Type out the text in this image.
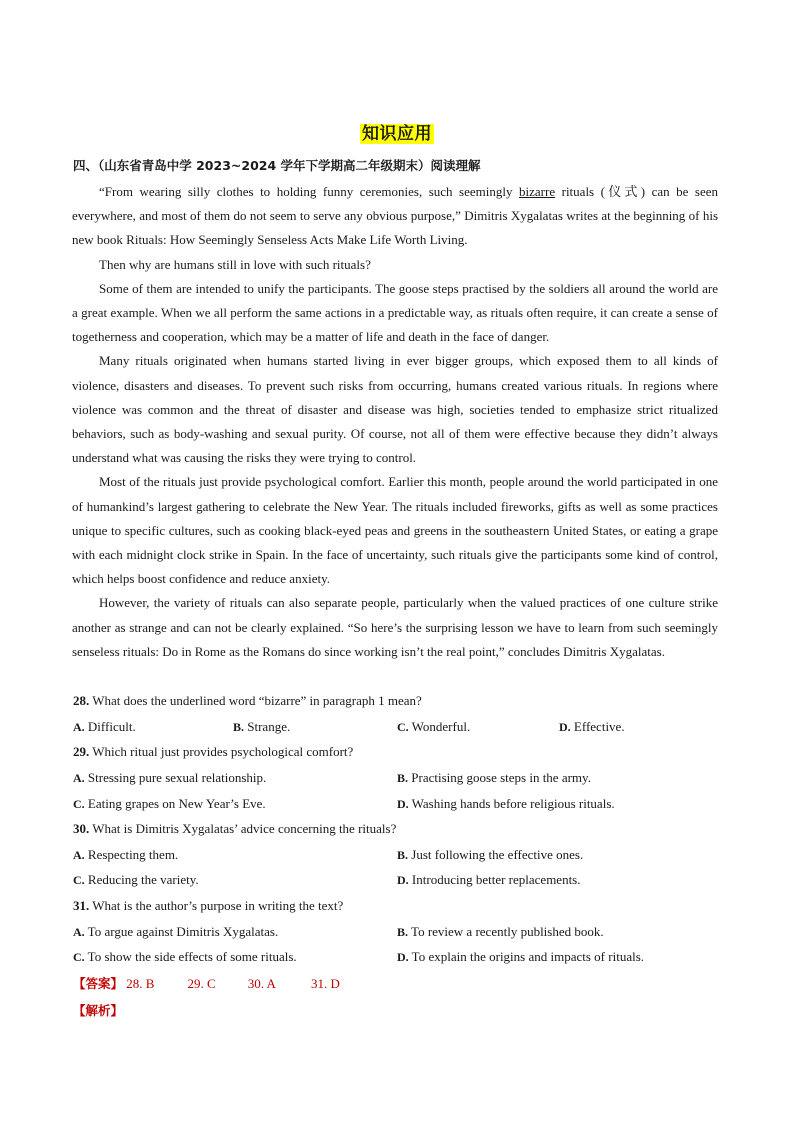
知识应用
四、（山东省青岛中学 2023~2024 学年下学期高二年级期末）阅读理解

“From wearing silly clothes to holding funny ceremonies, such seemingly bizarre rituals (仪式) can be seen everywhere, and most of them do not seem to serve any obvious purpose,” Dimitris Xygalatas writes at the beginning of his new book Rituals: How Seemingly Senseless Acts Make Life Worth Living.

Then why are humans still in love with such rituals?

Some of them are intended to unify the participants. The goose steps practised by the soldiers all around the world are a great example. When we all perform the same actions in a predictable way, as rituals often require, it can create a sense of togetherness and cooperation, which may be a matter of life and death in the face of danger.

Many rituals originated when humans started living in ever bigger groups, which exposed them to all kinds of violence, disasters and diseases. To prevent such risks from occurring, humans created various rituals. In regions where violence was common and the threat of disaster and disease was high, societies tended to emphasize strict ritualized behaviors, such as body-washing and sexual purity. Of course, not all of them were effective because they didn’t always understand what was causing the risks they were trying to control.

Most of the rituals just provide psychological comfort. Earlier this month, people around the world participated in one of humankind’s largest gathering to celebrate the New Year. The rituals included fireworks, gifts as well as some practices unique to specific cultures, such as cooking black-eyed peas and greens in the southeastern United States, or eating a grape with each midnight clock strike in Spain. In the face of uncertainty, such rituals give the participants some kind of control, which helps boost confidence and reduce anxiety.

However, the variety of rituals can also separate people, particularly when the valued practices of one culture strike another as strange and can not be clearly explained. “So here’s the surprising lesson we have to learn from such seemingly senseless rituals: Do in Rome as the Romans do since working isn’t the real point,” concludes Dimitris Xygalatas.

28. What does the underlined word “bizarre” in paragraph 1 mean?
A. Difficult.	B. Strange.	C. Wonderful.	D. Effective.
29. Which ritual just provides psychological comfort?
A. Stressing pure sexual relationship.	B. Practising goose steps in the army.
C. Eating grapes on New Year’s Eve.	D. Washing hands before religious rituals.
30. What is Dimitris Xygalatas’ advice concerning the rituals?
A. Respecting them.	B. Just following the effective ones.
C. Reducing the variety.	D. Introducing better replacements.
31. What is the author’s purpose in writing the text?
A. To argue against Dimitris Xygalatas.	B. To review a recently published book.
C. To show the side effects of some rituals.	D. To explain the origins and impacts of rituals.
【答案】 28. B	29. C 30. A	31. D
【解析】
